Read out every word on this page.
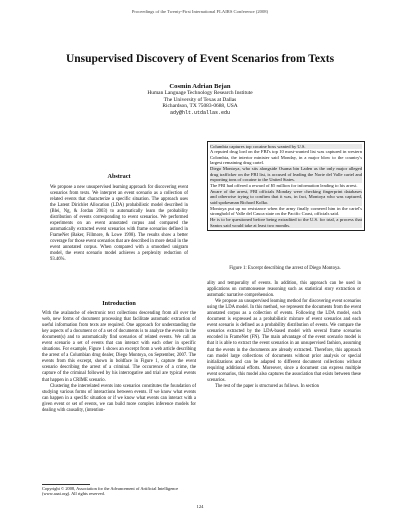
Proceedings of the Twenty-First International FLAIRS Conference (2008)
Unsupervised Discovery of Event Scenarios from Texts
Cosmin Adrian Bejan
Human Language Technology Research Institute
The University of Texas at Dallas
Richardson, TX 75083-0688, USA
ady@hlt.utdallas.edu
Abstract
We propose a new unsupervised learning approach for discovering event scenarios from texts. We interpret an event scenario as a collection of related events that characterize a specific situation. The approach uses the Latent Dirichlet Allocation (LDA) probabilistic model described in (Blei, Ng, & Jordan 2003) to automatically learn the probability distribution of events corresponding to event scenarios. We performed experiments on an event annotated corpus and compared the automatically extracted event scenarios with frame scenarios defined in FrameNet (Baker, Fillmore, & Lowe 1998). The results show a better coverage for those event scenarios that are described in more detail in the event annotated corpus. When compared with a smoothed unigram model, the event scenario model achieves a perplexity reduction of 93.46%.
Introduction

With the avalanche of electronic text collections descending from all over the web, new forms of document processing that facilitate automatic extraction of useful information from texts are required. One approach for understanding the key aspects of a document or of a set of documents is to analyze the events in the document(s) and to automatically find scenarios of related events. We call an event scenario a set of events that can interact with each other in specific situations. For example, Figure 1 shows an excerpt from a web article describing the arrest of a Columbian drug dealer, Diego Montoya, on September, 2007. The events from this excerpt, shown in boldface in Figure 1, capture the event scenario describing the arrest of a criminal. The occurrence of a crime, the capture of the criminal followed by his interrogative and trial are typical events that happen in a CRIME scenario.

Clustering the interrelated events into scenarios constitutes the foundation of studying various forms of interactions between events. If we know what events can happen in a specific situation or if we know what events can interact with a given event or set of events, we can build more complex inference models for dealing with causality, (intention-

Copyright © 2008, Association for the Advancement of Artificial Intelligence (www.aaai.org). All rights reserved.

Columbia captures top cocaine boss wanted by U.S.

A reputed drug lord on the FBI's top 10 most-wanted list was captured in western Colombia, the interior minister said Monday, in a major blow to the country's largest remaining drug cartel.

Diego Montoya, who sits alongside Osama bin Laden as the only major alleged drug trafficker on the FBI list, is accused of leading the Norte del Valle cartel and exporting tons of cocaine to the United States.

The FBI had offered a reward of $5 million for information leading to his arrest.

Aware of the arrest, FBI officials Monday were checking fingerprint databases and otherwise trying to confirm that it was, in fact, Montoya who was captured, said spokesman Richard Kolko.

Montoya put up no resistance when the army finally cornered him in the cartel's stronghold of Valle del Cauca state on the Pacific Coast, officials said.

He is to be questioned before being extradited to the U.S. for trial, a process that Santos said would take at least two months.

Figure 1: Excerpt describing the arrest of Diego Montoya.

ality and temporality of events. In addition, this approach can be used in applications on commonsense reasoning such as statistical story extraction or automatic narrative comprehension.

We propose an unsupervised learning method for discovering event scenarios using the LDA model. In this method, we represent the documents from the event annotated corpus as a collection of events. Following the LDA model, each document is expressed as a probabilistic mixture of event scenarios and each event scenario is defined as a probability distribution of events. We compare the scenarios extracted by the LDA-based model with several frame scenarios encoded in FrameNet (FN). The main advantage of the event scenario model is that it is able to extract the event scenarios in an unsupervised fashion, assuming that the events in the documents are already extracted. Therefore, this approach can model large collections of documents without prior analysis or special initializations and can be adapted to different document collections without requiring additional efforts. Moreover, since a document can express multiple event scenarios, this model also captures the association that exists between these scenarios.

The rest of the paper is structured as follows. In section

124
